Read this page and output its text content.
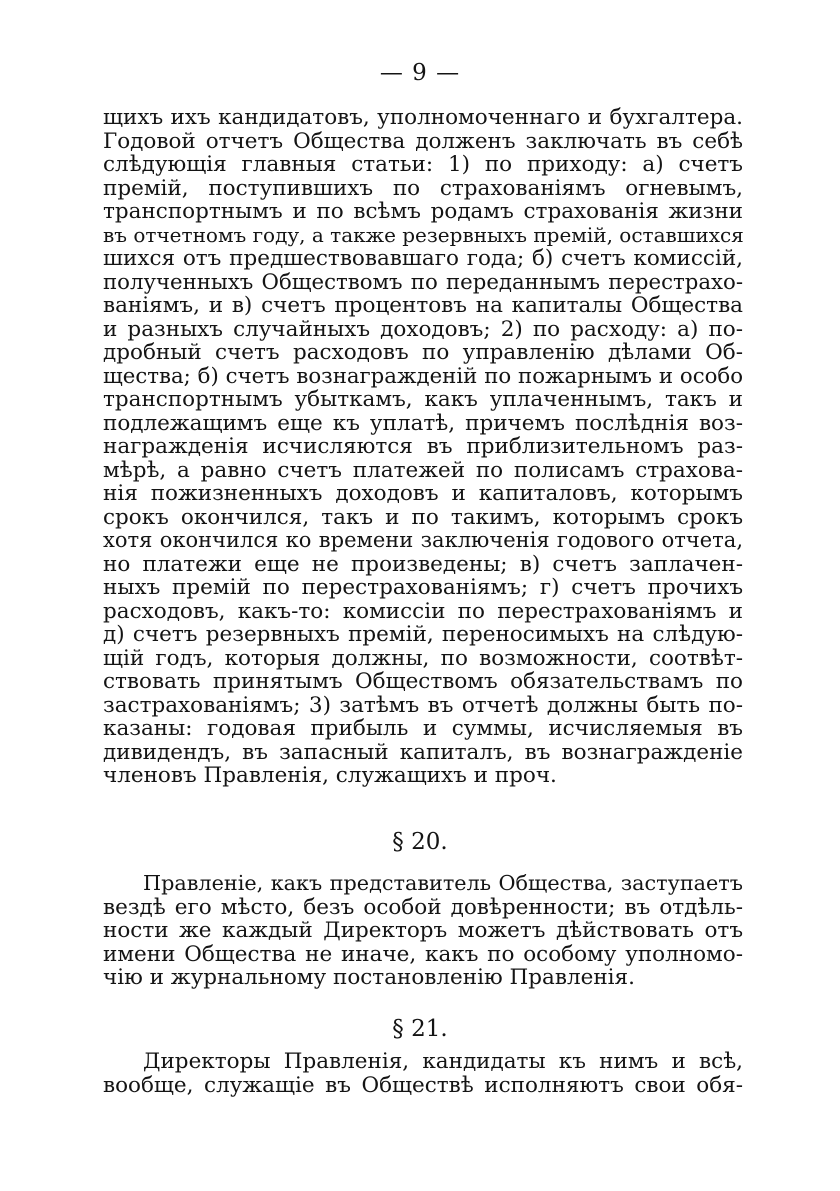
— 9 —
щихъ ихъ кандидатовъ, уполномоченнаго и бухгалтера.
Годовой отчетъ Общества долженъ заключать въ себѣ
слѣдующія главныя статьи: 1) по приходу: а) счетъ
премій, поступившихъ по страхованіямъ огневымъ,
транспортнымъ и по всѣмъ родамъ страхованія жизни
въ отчетномъ году, а также резервныхъ премій, оставшихся
шихся отъ предшествовавшаго года; б) счетъ комиссій,
полученныхъ Обществомъ по переданнымъ перестрахо-
ваніямъ, и в) счетъ процентовъ на капиталы Общества
и разныхъ случайныхъ доходовъ; 2) по расходу: а) по-
дробный счетъ расходовъ по управленію дѣлами Об-
щества; б) счетъ вознагражденій по пожарнымъ и особо
транспортнымъ убыткамъ, какъ уплаченнымъ, такъ и
подлежащимъ еще къ уплатѣ, причемъ послѣднія воз-
награжденія исчисляются въ приблизительномъ раз-
мѣрѣ, а равно счетъ платежей по полисамъ страхова-
нія пожизненныхъ доходовъ и капиталовъ, которымъ
срокъ окончился, такъ и по такимъ, которымъ срокъ
хотя окончился ко времени заключенія годового отчета,
но платежи еще не произведены; в) счетъ заплачен-
ныхъ премій по перестрахованіямъ; г) счетъ прочихъ
расходовъ, какъ-то: комиссіи по перестрахованіямъ и
д) счетъ резервныхъ премій, переносимыхъ на слѣдую-
щій годъ, которыя должны, по возможности, соотвѣт-
ствовать принятымъ Обществомъ обязательствамъ по
застрахованіямъ; 3) затѣмъ въ отчетѣ должны быть по-
казаны: годовая прибыль и суммы, исчисляемыя въ
дивидендъ, въ запасный капиталъ, въ вознагражденіе
членовъ Правленія, служащихъ и проч.
§ 20.
Правленіе, какъ представитель Общества, заступаетъ
вездѣ его мѣсто, безъ особой довѣренности; въ отдѣль-
ности же каждый Директоръ можетъ дѣйствовать отъ
имени Общества не иначе, какъ по особому уполномо-
чію и журнальному постановленію Правленія.
§ 21.
Директоры Правленія, кандидаты къ нимъ и всѣ,
вообще, служащіе въ Обществѣ исполняютъ свои обя-
